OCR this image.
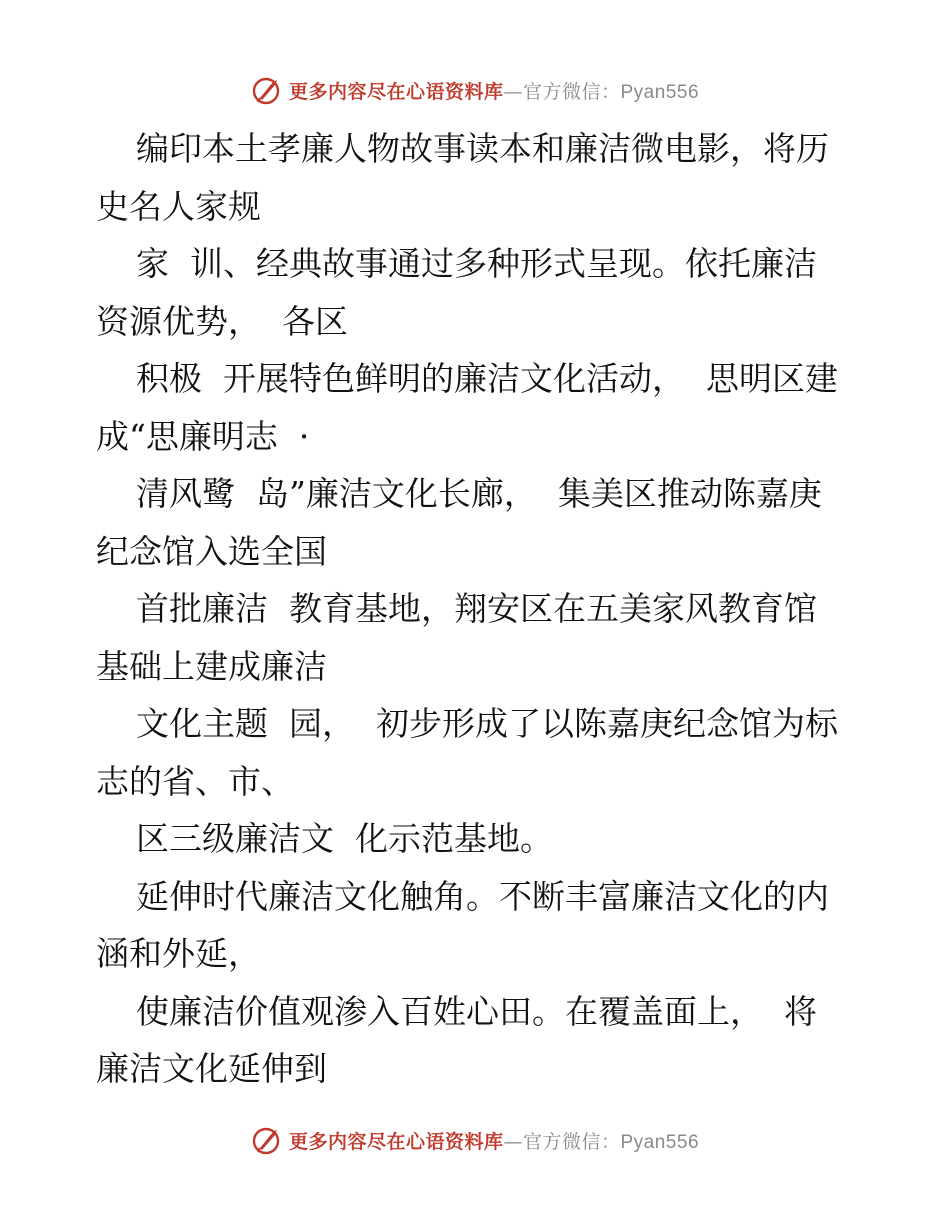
更多内容尽在心语资料库—官方微信：Pyan556
编印本土孝廉人物故事读本和廉洁微电影，将历
史名人家规
家  训、经典故事通过多种形式呈现。依托廉洁
资源优势，  各区
积极  开展特色鲜明的廉洁文化活动，  思明区建
成“思廉明志  ·
清风鹭  岛”廉洁文化长廊，  集美区推动陈嘉庚
纪念馆入选全国
首批廉洁  教育基地，翔安区在五美家风教育馆
基础上建成廉洁
文化主题  园，  初步形成了以陈嘉庚纪念馆为标
志的省、市、
区三级廉洁文  化示范基地。
延伸时代廉洁文化触角。不断丰富廉洁文化的内
涵和外延，
使廉洁价值观渗入百姓心田。在覆盖面上，  将
廉洁文化延伸到
更多内容尽在心语资料库—官方微信：Pyan556
